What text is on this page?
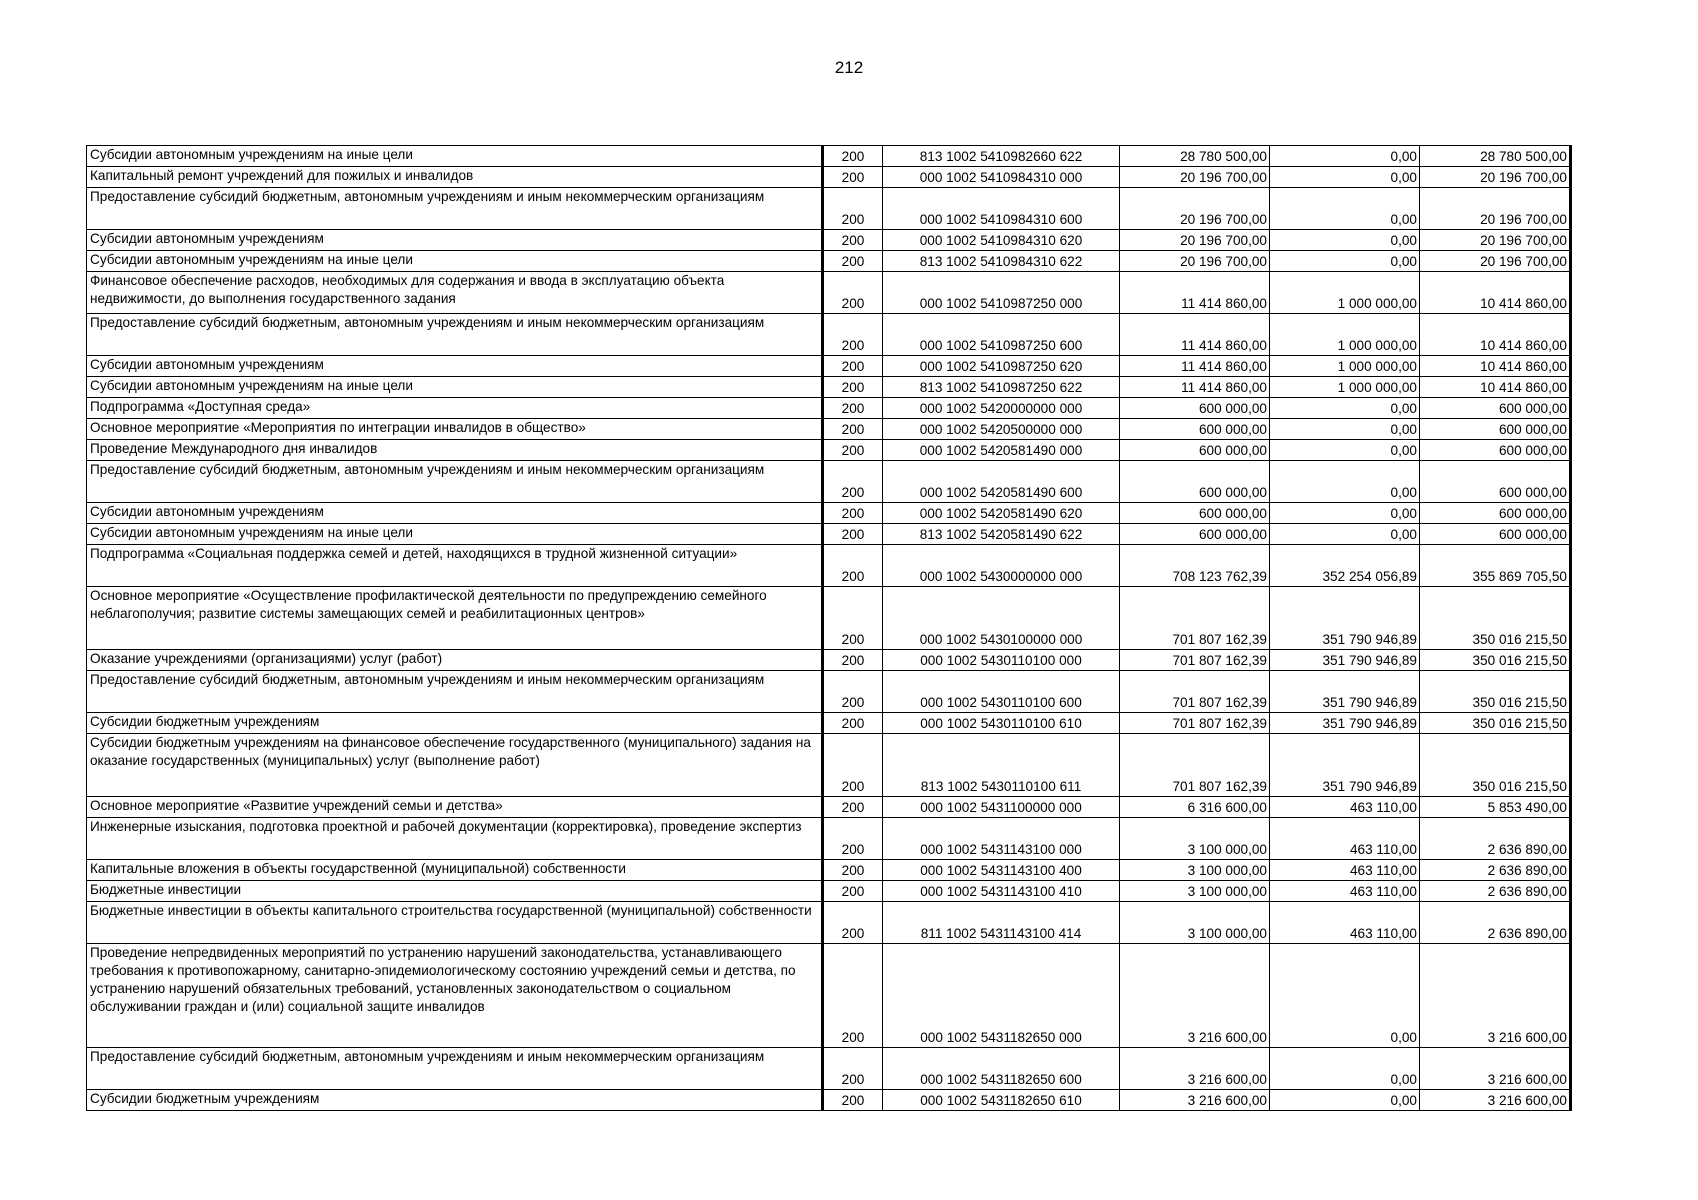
212
Субсидии автономным учреждениям на иные цели	200	813 1002 5410982660 622	28 780 500,00	0,00	28 780 500,00
Капитальный ремонт учреждений для пожилых и инвалидов	200	000 1002 5410984310 000	20 196 700,00	0,00	20 196 700,00
Предоставление субсидий бюджетным, автономным учреждениям и иным некоммерческим организациям	200	000 1002 5410984310 600	20 196 700,00	0,00	20 196 700,00
Субсидии автономным учреждениям	200	000 1002 5410984310 620	20 196 700,00	0,00	20 196 700,00
Субсидии автономным учреждениям на иные цели	200	813 1002 5410984310 622	20 196 700,00	0,00	20 196 700,00
Финансовое обеспечение расходов, необходимых для содержания и ввода в эксплуатацию объекта недвижимости, до выполнения государственного задания	200	000 1002 5410987250 000	11 414 860,00	1 000 000,00	10 414 860,00
Предоставление субсидий бюджетным, автономным учреждениям и иным некоммерческим организациям	200	000 1002 5410987250 600	11 414 860,00	1 000 000,00	10 414 860,00
Субсидии автономным учреждениям	200	000 1002 5410987250 620	11 414 860,00	1 000 000,00	10 414 860,00
Субсидии автономным учреждениям на иные цели	200	813 1002 5410987250 622	11 414 860,00	1 000 000,00	10 414 860,00
Подпрограмма «Доступная среда»	200	000 1002 5420000000 000	600 000,00	0,00	600 000,00
Основное мероприятие «Мероприятия по интеграции инвалидов в общество»	200	000 1002 5420500000 000	600 000,00	0,00	600 000,00
Проведение Международного дня инвалидов	200	000 1002 5420581490 000	600 000,00	0,00	600 000,00
Предоставление субсидий бюджетным, автономным учреждениям и иным некоммерческим организациям	200	000 1002 5420581490 600	600 000,00	0,00	600 000,00
Субсидии автономным учреждениям	200	000 1002 5420581490 620	600 000,00	0,00	600 000,00
Субсидии автономным учреждениям на иные цели	200	813 1002 5420581490 622	600 000,00	0,00	600 000,00
Подпрограмма «Социальная поддержка семей и детей, находящихся в трудной жизненной ситуации»	200	000 1002 5430000000 000	708 123 762,39	352 254 056,89	355 869 705,50
Основное мероприятие «Осуществление профилактической деятельности по предупреждению семейного неблагополучия; развитие системы замещающих семей и реабилитационных центров»	200	000 1002 5430100000 000	701 807 162,39	351 790 946,89	350 016 215,50
Оказание учреждениями (организациями) услуг (работ)	200	000 1002 5430110100 000	701 807 162,39	351 790 946,89	350 016 215,50
Предоставление субсидий бюджетным, автономным учреждениям и иным некоммерческим организациям	200	000 1002 5430110100 600	701 807 162,39	351 790 946,89	350 016 215,50
Субсидии бюджетным учреждениям	200	000 1002 5430110100 610	701 807 162,39	351 790 946,89	350 016 215,50
Субсидии бюджетным учреждениям на финансовое обеспечение государственного (муниципального) задания на оказание государственных (муниципальных) услуг (выполнение работ)	200	813 1002 5430110100 611	701 807 162,39	351 790 946,89	350 016 215,50
Основное мероприятие «Развитие учреждений семьи и детства»	200	000 1002 5431100000 000	6 316 600,00	463 110,00	5 853 490,00
Инженерные изыскания, подготовка проектной и рабочей документации (корректировка), проведение экспертиз	200	000 1002 5431143100 000	3 100 000,00	463 110,00	2 636 890,00
Капитальные вложения в объекты государственной (муниципальной) собственности	200	000 1002 5431143100 400	3 100 000,00	463 110,00	2 636 890,00
Бюджетные инвестиции	200	000 1002 5431143100 410	3 100 000,00	463 110,00	2 636 890,00
Бюджетные инвестиции в объекты капитального строительства государственной (муниципальной) собственности	200	811 1002 5431143100 414	3 100 000,00	463 110,00	2 636 890,00
Проведение непредвиденных мероприятий по устранению нарушений законодательства, устанавливающего требования к противопожарному, санитарно-эпидемиологическому состоянию учреждений семьи и детства, по устранению нарушений обязательных требований, установленных законодательством о социальном обслуживании граждан и (или) социальной защите инвалидов	200	000 1002 5431182650 000	3 216 600,00	0,00	3 216 600,00
Предоставление субсидий бюджетным, автономным учреждениям и иным некоммерческим организациям	200	000 1002 5431182650 600	3 216 600,00	0,00	3 216 600,00
Субсидии бюджетным учреждениям	200	000 1002 5431182650 610	3 216 600,00	0,00	3 216 600,00
